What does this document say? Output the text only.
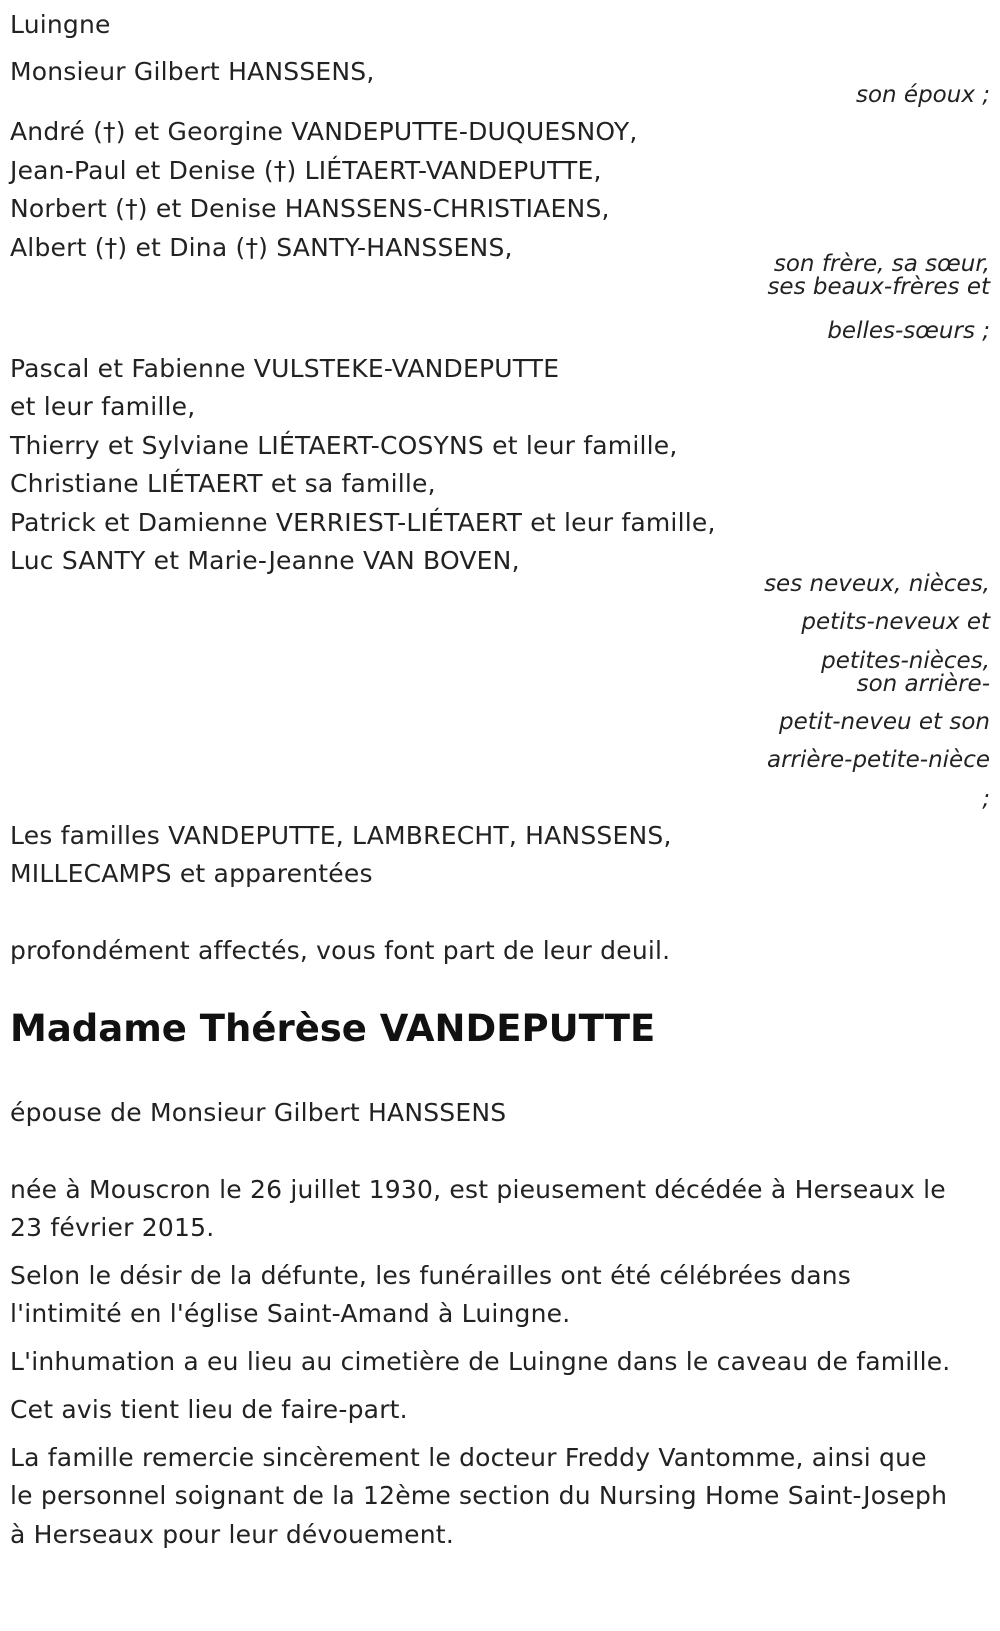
Luingne
Monsieur Gilbert HANSSENS,
son époux ;
André (†) et Georgine VANDEPUTTE-DUQUESNOY,
Jean-Paul et Denise (†) LIÉTAERT-VANDEPUTTE,
Norbert (†) et Denise HANSSENS-CHRISTIAENS,
Albert (†) et Dina (†) SANTY-HANSSENS,
son frère, sa sœur,
ses beaux-frères et
belles-sœurs ;
Pascal et Fabienne VULSTEKE-VANDEPUTTE
et leur famille,
Thierry et Sylviane LIÉTAERT-COSYNS et leur famille,
Christiane LIÉTAERT et sa famille,
Patrick et Damienne VERRIEST-LIÉTAERT et leur famille,
Luc SANTY et Marie-Jeanne VAN BOVEN,
ses neveux, nièces,
petits-neveux et
petites-nièces,
son arrière-
petit-neveu et son
arrière-petite-nièce
;
Les familles VANDEPUTTE, LAMBRECHT, HANSSENS,
MILLECAMPS et apparentées
profondément affectés, vous font part de leur deuil.
Madame Thérèse VANDEPUTTE
épouse de Monsieur Gilbert HANSSENS
née à Mouscron le 26 juillet 1930, est pieusement décédée à Herseaux le
23 février 2015.
Selon le désir de la défunte, les funérailles ont été célébrées dans
l'intimité en l'église Saint-Amand à Luingne.
L'inhumation a eu lieu au cimetière de Luingne dans le caveau de famille.
Cet avis tient lieu de faire-part.
La famille remercie sincèrement le docteur Freddy Vantomme, ainsi que
le personnel soignant de la 12ème section du Nursing Home Saint-Joseph
à Herseaux pour leur dévouement.
